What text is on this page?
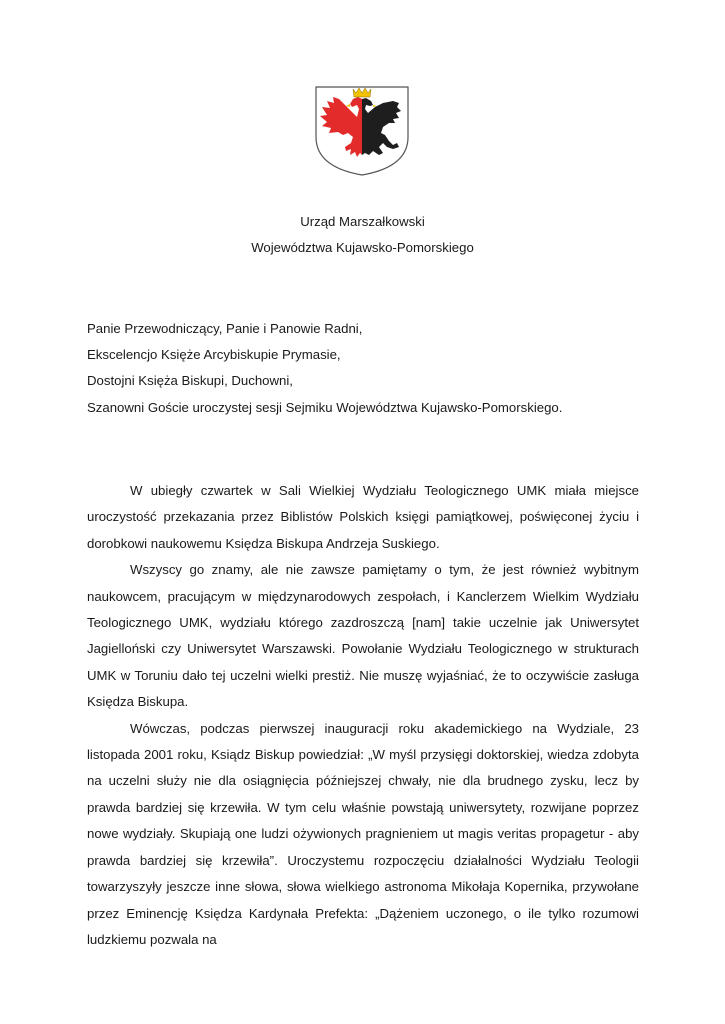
Urząd Marszałkowski
Województwa Kujawsko-Pomorskiego
Panie Przewodniczący, Panie i Panowie Radni,
Ekscelencjo Księże Arcybiskupie Prymasie,
Dostojni Księża Biskupi, Duchowni,
Szanowni Goście uroczystej sesji Sejmiku Województwa Kujawsko-Pomorskiego.

W ubiegły czwartek w Sali Wielkiej Wydziału Teologicznego UMK miała miejsce uroczystość przekazania przez Biblistów Polskich księgi pamiątkowej, poświęconej życiu i dorobkowi naukowemu Księdza Biskupa Andrzeja Suskiego.

Wszyscy go znamy, ale nie zawsze pamiętamy o tym, że jest również wybitnym naukowcem, pracującym w międzynarodowych zespołach, i Kanclerzem Wielkim Wydziału Teologicznego UMK, wydziału którego zazdroszczą [nam] takie uczelnie jak Uniwersytet Jagielloński czy Uniwersytet Warszawski. Powołanie Wydziału Teologicznego w strukturach UMK w Toruniu dało tej uczelni wielki prestiż. Nie muszę wyjaśniać, że to oczywiście zasługa Księdza Biskupa.

Wówczas, podczas pierwszej inauguracji roku akademickiego na Wydziale, 23 listopada 2001 roku, Ksiądz Biskup powiedział: „W myśl przysięgi doktorskiej, wiedza zdobyta na uczelni służy nie dla osiągnięcia późniejszej chwały, nie dla brudnego zysku, lecz by prawda bardziej się krzewiła. W tym celu właśnie powstają uniwersytety, rozwijane poprzez nowe wydziały. Skupiają one ludzi ożywionych pragnieniem ut magis veritas propagetur - aby prawda bardziej się krzewiła”. Uroczystemu rozpoczęciu działalności Wydziału Teologii towarzyszyły jeszcze inne słowa, słowa wielkiego astronoma Mikołaja Kopernika, przywołane przez Eminencję Księdza Kardynała Prefekta: „Dążeniem uczonego, o ile tylko rozumowi ludzkiemu pozwala na
